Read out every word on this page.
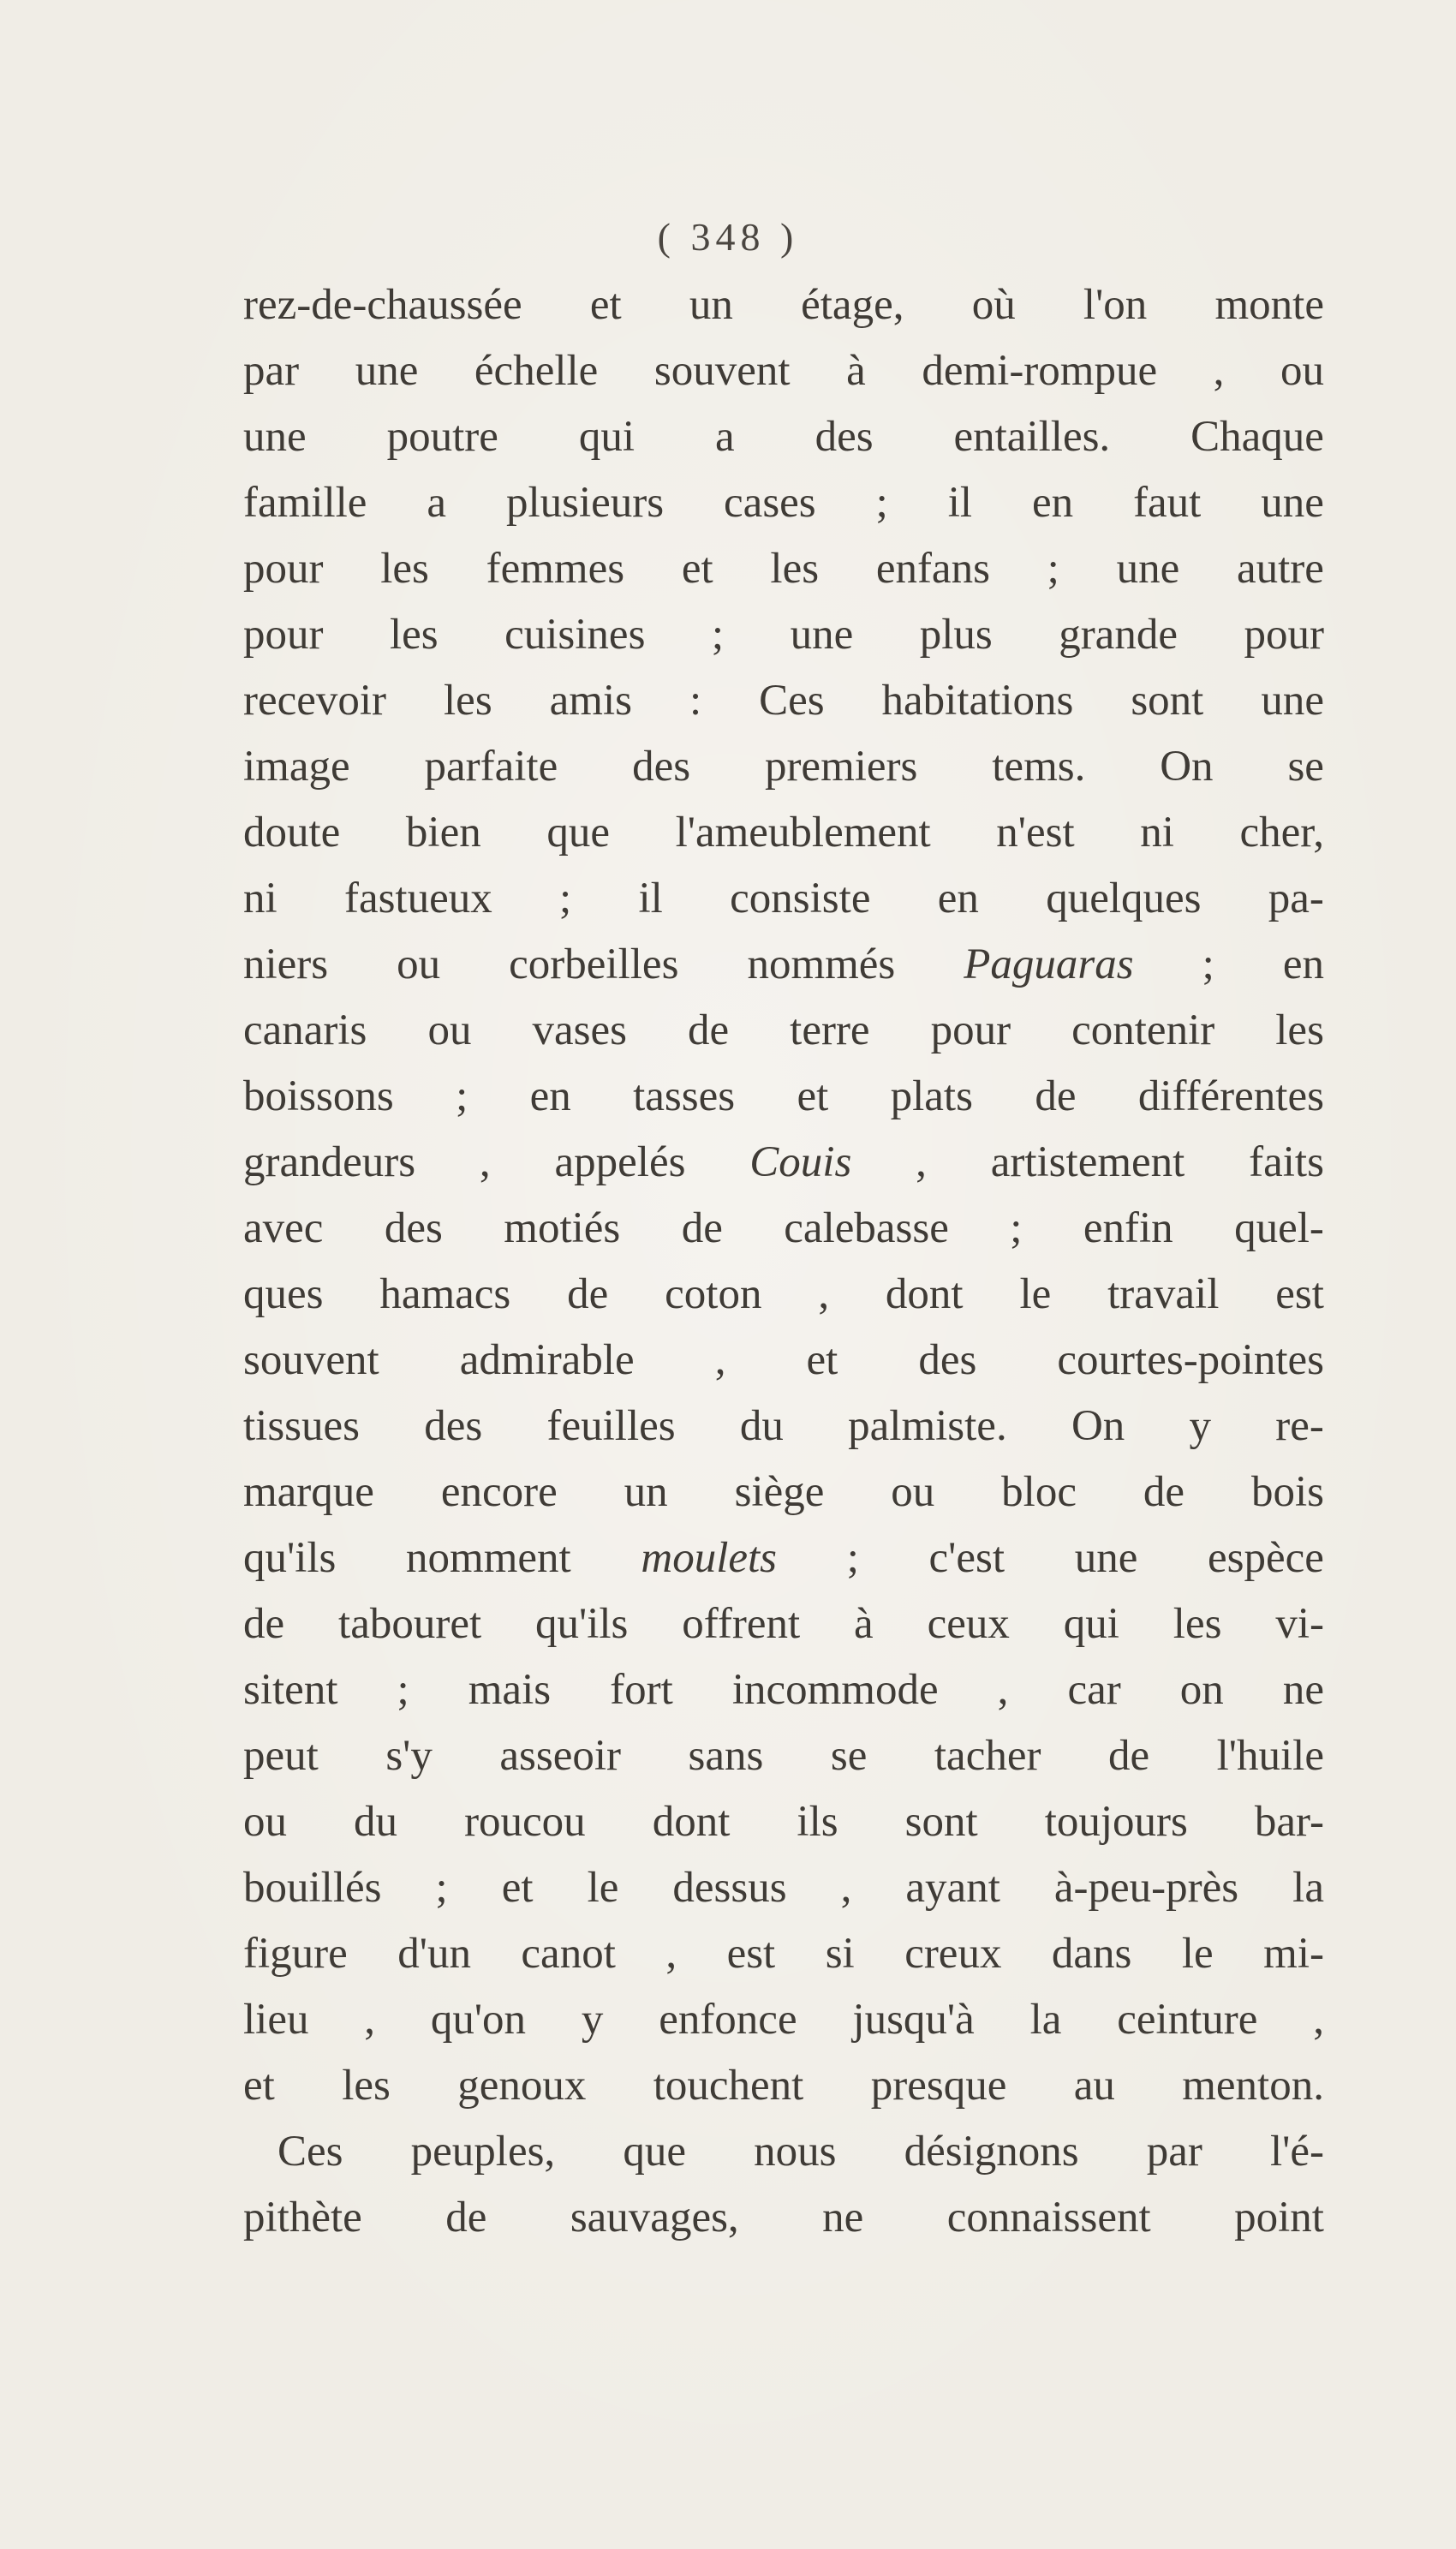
( 348 )
rez-de-chaussée et un étage, où l'on monte
par une échelle souvent à demi-rompue , ou
une poutre qui a des entailles. Chaque
famille a plusieurs cases ; il en faut une
pour les femmes et les enfans ; une autre
pour les cuisines ; une plus grande pour
recevoir les amis : Ces habitations sont une
image parfaite des premiers tems. On se
doute bien que l'ameublement n'est ni cher,
ni fastueux ; il consiste en quelques pa-
niers ou corbeilles nommés Paguaras ; en
canaris ou vases de terre pour contenir les
boissons ; en tasses et plats de différentes
grandeurs , appelés Couis , artistement faits
avec des motiés de calebasse ; enfin quel-
ques hamacs de coton , dont le travail est
souvent admirable , et des courtes-pointes
tissues des feuilles du palmiste. On y re-
marque encore un siège ou bloc de bois
qu'ils nomment moulets ; c'est une espèce
de tabouret qu'ils offrent à ceux qui les vi-
sitent ; mais fort incommode , car on ne
peut s'y asseoir sans se tacher de l'huile
ou du roucou dont ils sont toujours bar-
bouillés ; et le dessus , ayant à-peu-près la
figure d'un canot , est si creux dans le mi-
lieu , qu'on y enfonce jusqu'à la ceinture ,
et les genoux touchent presque au menton.
Ces peuples, que nous désignons par l'é-
pithète de sauvages, ne connaissent point
